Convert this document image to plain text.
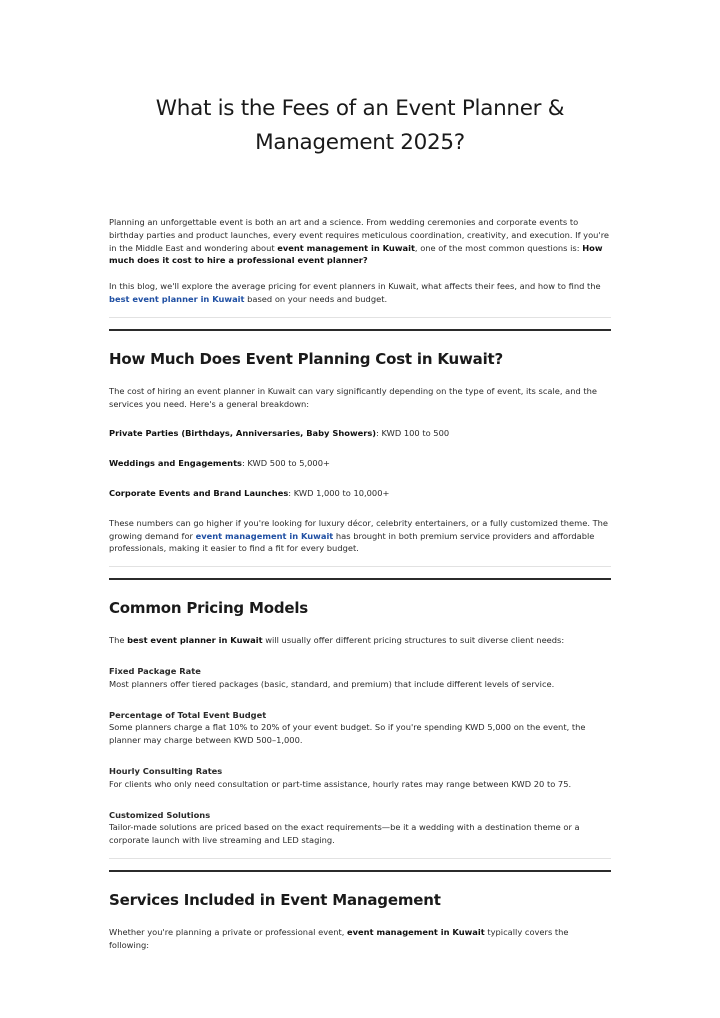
What is the Fees of an Event Planner & Management 2025?

Planning an unforgettable event is both an art and a science. From wedding ceremonies and corporate events to birthday parties and product launches, every event requires meticulous coordination, creativity, and execution. If you're in the Middle East and wondering about event management in Kuwait, one of the most common questions is: How much does it cost to hire a professional event planner?

In this blog, we'll explore the average pricing for event planners in Kuwait, what affects their fees, and how to find the best event planner in Kuwait based on your needs and budget.

How Much Does Event Planning Cost in Kuwait?

The cost of hiring an event planner in Kuwait can vary significantly depending on the type of event, its scale, and the services you need. Here's a general breakdown:

Private Parties (Birthdays, Anniversaries, Baby Showers): KWD 100 to 500

Weddings and Engagements: KWD 500 to 5,000+

Corporate Events and Brand Launches: KWD 1,000 to 10,000+

These numbers can go higher if you're looking for luxury décor, celebrity entertainers, or a fully customized theme. The growing demand for event management in Kuwait has brought in both premium service providers and affordable professionals, making it easier to find a fit for every budget.

Common Pricing Models

The best event planner in Kuwait will usually offer different pricing structures to suit diverse client needs:

Fixed Package Rate
Most planners offer tiered packages (basic, standard, and premium) that include different levels of service.

Percentage of Total Event Budget
Some planners charge a flat 10% to 20% of your event budget. So if you're spending KWD 5,000 on the event, the planner may charge between KWD 500–1,000.

Hourly Consulting Rates
For clients who only need consultation or part-time assistance, hourly rates may range between KWD 20 to 75.

Customized Solutions
Tailor-made solutions are priced based on the exact requirements—be it a wedding with a destination theme or a corporate launch with live streaming and LED staging.

Services Included in Event Management

Whether you're planning a private or professional event, event management in Kuwait typically covers the following:
